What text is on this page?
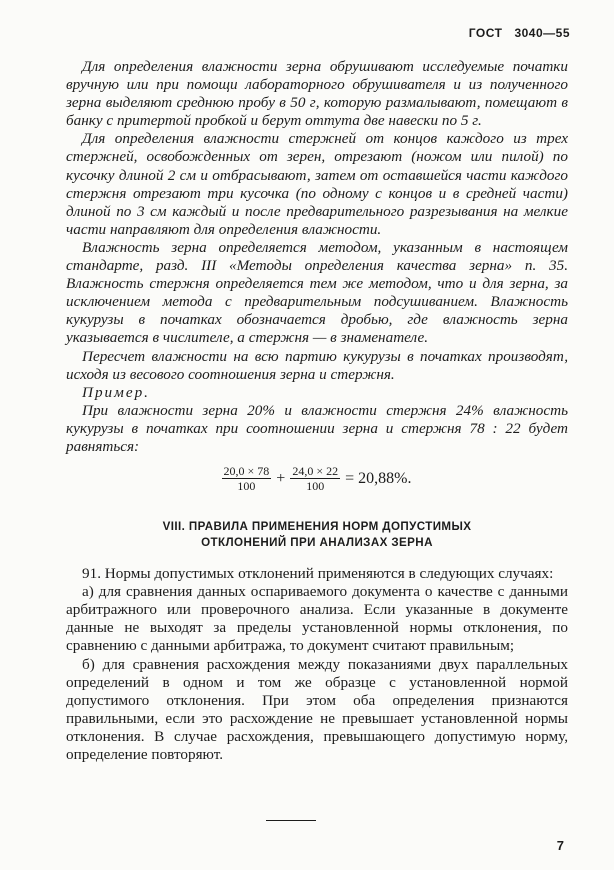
ГОСТ 3040—55

Для определения влажности зерна обрушивают исследуемые початки вручную или при помощи лабораторного обрушивателя и из полученного зерна выделяют среднюю пробу в 50 г, которую размалывают, помещают в банку с притертой пробкой и берут оттута две навески по 5 г.

Для определения влажности стержней от концов каждого из трех стержней, освобожденных от зерен, отрезают (ножом или пилой) по кусочку длиной 2 см и отбрасывают, затем от оставшейся части каждого стержня отрезают три кусочка (по одному с концов и в средней части) длиной по 3 см каждый и после предварительного разрезывания на мелкие части направляют для определения влажности.

Влажность зерна определяется методом, указанным в настоящем стандарте, разд. III «Методы определения качества зерна» п. 35. Влажность стержня определяется тем же методом, что и для зерна, за исключением метода с предварительным подсушиванием. Влажность кукурузы в початках обозначается дробью, где влажность зерна указывается в числителе, а стержня — в знаменателе.

Пересчет влажности на всю партию кукурузы в початках производят, исходя из весового соотношения зерна и стержня.

Пример.

При влажности зерна 20% и влажности стержня 24% влажность кукурузы в початках при соотношении зерна и стержня 78 : 22 будет равняться:

$\frac{20,0 \times 78}{100} + \frac{24,0 \times 22}{100} = 20,88\%$.
VIII. ПРАВИЛА ПРИМЕНЕНИЯ НОРМ ДОПУСТИМЫХ
ОТКЛОНЕНИЙ ПРИ АНАЛИЗАХ ЗЕРНА

91. Нормы допустимых отклонений применяются в следующих случаях:

а) для сравнения данных оспариваемого документа о качестве с данными арбитражного или проверочного анализа. Если указанные в документе данные не выходят за пределы установленной нормы отклонения, по сравнению с данными арбитража, то документ считают правильным;

б) для сравнения расхождения между показаниями двух параллельных определений в одном и том же образце с установленной нормой допустимого отклонения. При этом оба определения признаются правильными, если это расхождение не превышает установленной нормы отклонения. В случае расхождения, превышающего допустимую норму, определение повторяют.

7
